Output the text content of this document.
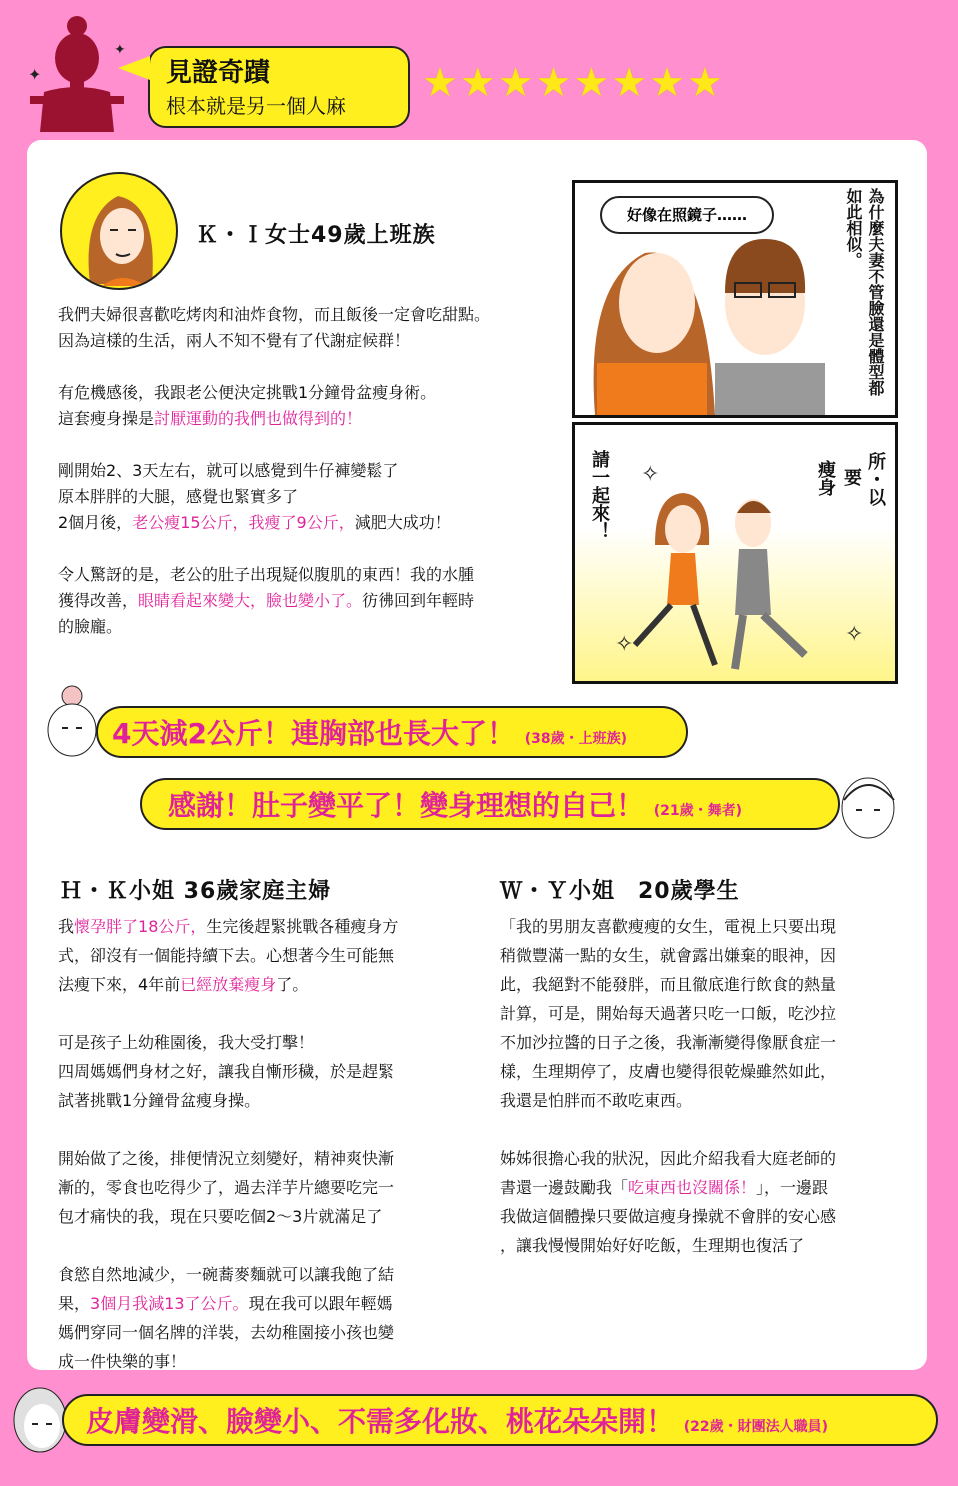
✦
✦
見證奇蹟
根本就是另一個人麻 ★★★★★★★★
Ｋ・Ｉ女士49歲上班族
我們夫婦很喜歡吃烤肉和油炸食物，而且飯後一定會吃甜點。
因為這樣的生活，兩人不知不覺有了代謝症候群！
有危機感後，我跟老公便決定挑戰1分鐘骨盆瘦身術。
這套瘦身操是討厭運動的我們也做得到的！
剛開始2、3天左右，就可以感覺到牛仔褲變鬆了
原本胖胖的大腿，感覺也緊實多了
2個月後，老公瘦15公斤，我瘦了9公斤，減肥大成功！
令人驚訝的是，老公的肚子出現疑似腹肌的東西！我的水腫
獲得改善，眼睛看起來變大，臉也變小了。彷彿回到年輕時
的臉龐。
好像在照鏡子……	為什麼夫妻不管臉還是體型都如此相似。
✧
✧	✧
請一起來！	所・以
要
瘦身
4天減2公斤！連胸部也長大了！ (38歲・上班族)
感謝！肚子變平了！變身理想的自己！ (21歲・舞者)
Ｈ・Ｋ小姐 36歲家庭主婦
我懷孕胖了18公斤，生完後趕緊挑戰各種瘦身方
式，卻沒有一個能持續下去。心想著今生可能無
法瘦下來，4年前已經放棄瘦身了。
可是孩子上幼稚園後，我大受打擊！
四周媽媽們身材之好，讓我自慚形穢，於是趕緊
試著挑戰1分鐘骨盆瘦身操。
開始做了之後，排便情況立刻變好，精神爽快漸
漸的，零食也吃得少了，過去洋芋片總要吃完一
包才痛快的我，現在只要吃個2〜3片就滿足了
食慾自然地減少，一碗蕎麥麵就可以讓我飽了結
果，3個月我減13了公斤。現在我可以跟年輕媽
媽們穿同一個名牌的洋裝，去幼稚園接小孩也變
成一件快樂的事！
Ｗ・Ｙ小姐　20歲學生
「我的男朋友喜歡瘦瘦的女生，電視上只要出現
稍微豐滿一點的女生，就會露出嫌棄的眼神，因
此，我絕對不能發胖，而且徹底進行飲食的熱量
計算，可是，開始每天過著只吃一口飯，吃沙拉
不加沙拉醬的日子之後，我漸漸變得像厭食症一
樣，生理期停了，皮膚也變得很乾燥雖然如此，
我還是怕胖而不敢吃東西。
姊姊很擔心我的狀況，因此介紹我看大庭老師的
書還一邊鼓勵我「吃東西也沒關係！」，一邊跟
我做這個體操只要做這瘦身操就不會胖的安心感
，讓我慢慢開始好好吃飯，生理期也復活了
皮膚變滑、臉變小、不需多化妝、桃花朵朵開！ (22歲・財團法人職員)
